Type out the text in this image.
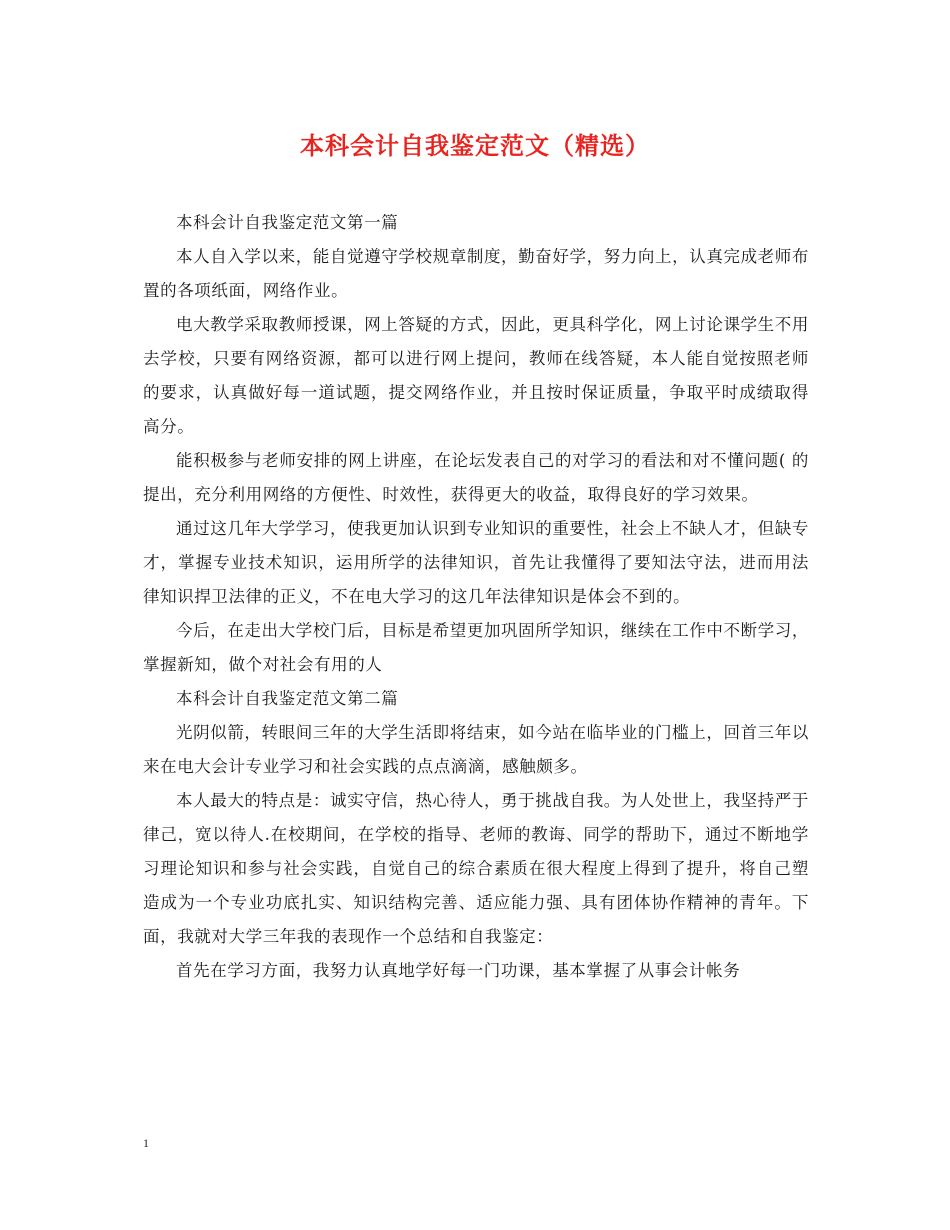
本科会计自我鉴定范文（精选）

本科会计自我鉴定范文第一篇

本人自入学以来，能自觉遵守学校规章制度，勤奋好学，努力向上，认真完成老师布置的各项纸面，网络作业。

电大教学采取教师授课，网上答疑的方式，因此，更具科学化，网上讨论课学生不用去学校，只要有网络资源，都可以进行网上提问，教师在线答疑，本人能自觉按照老师的要求，认真做好每一道试题，提交网络作业，并且按时保证质量，争取平时成绩取得高分。

能积极参与老师安排的网上讲座，在论坛发表自己的对学习的看法和对不懂问题( 的提出，充分利用网络的方便性、时效性，获得更大的收益，取得良好的学习效果。

通过这几年大学学习，使我更加认识到专业知识的重要性，社会上不缺人才，但缺专才，掌握专业技术知识，运用所学的法律知识，首先让我懂得了要知法守法，进而用法律知识捍卫法律的正义，不在电大学习的这几年法律知识是体会不到的。

今后，在走出大学校门后，目标是希望更加巩固所学知识，继续在工作中不断学习，掌握新知，做个对社会有用的人

本科会计自我鉴定范文第二篇

光阴似箭，转眼间三年的大学生活即将结束，如今站在临毕业的门槛上，回首三年以来在电大会计专业学习和社会实践的点点滴滴，感触颇多。

本人最大的特点是：诚实守信，热心待人，勇于挑战自我。为人处世上，我坚持严于律己，宽以待人.在校期间，在学校的指导、老师的教诲、同学的帮助下，通过不断地学习理论知识和参与社会实践，自觉自己的综合素质在很大程度上得到了提升，将自己塑造成为一个专业功底扎实、知识结构完善、适应能力强、具有团体协作精神的青年。下面，我就对大学三年我的表现作一个总结和自我鉴定：

首先在学习方面，我努力认真地学好每一门功课，基本掌握了从事会计帐务

1
